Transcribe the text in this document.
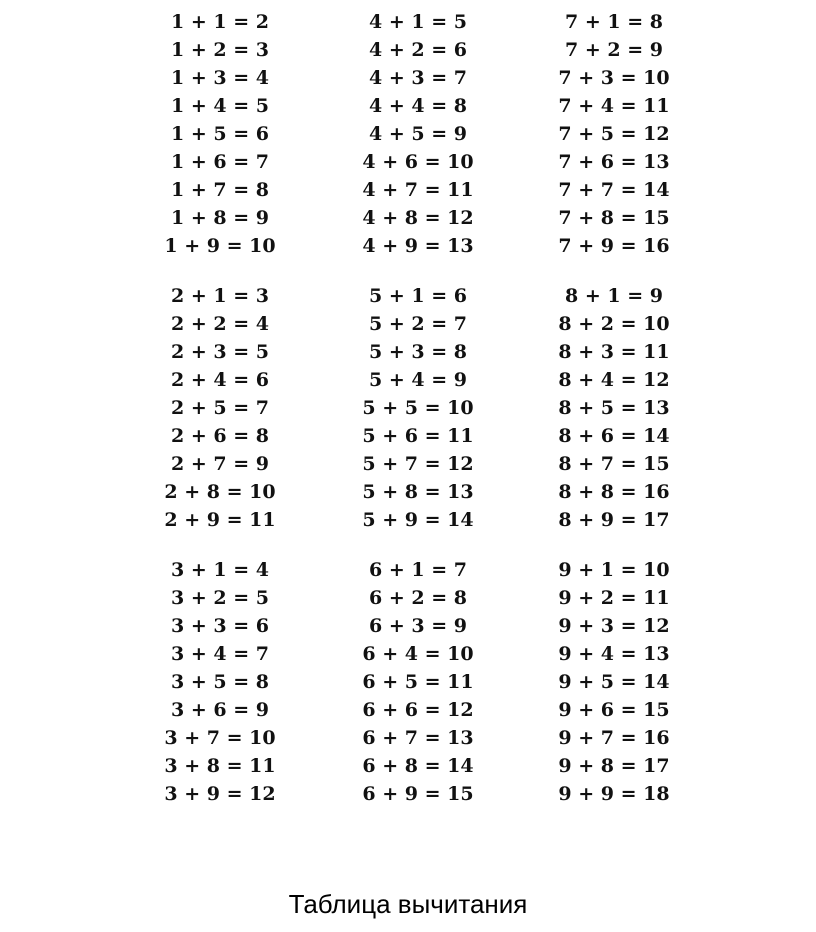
1 + 1 = 2
1 + 2 = 3
1 + 3 = 4
1 + 4 = 5
1 + 5 = 6
1 + 6 = 7
1 + 7 = 8
1 + 8 = 9
1 + 9 = 10
4 + 1 = 5
4 + 2 = 6
4 + 3 = 7
4 + 4 = 8
4 + 5 = 9
4 + 6 = 10
4 + 7 = 11
4 + 8 = 12
4 + 9 = 13
7 + 1 = 8
7 + 2 = 9
7 + 3 = 10
7 + 4 = 11
7 + 5 = 12
7 + 6 = 13
7 + 7 = 14
7 + 8 = 15
7 + 9 = 16
2 + 1 = 3
2 + 2 = 4
2 + 3 = 5
2 + 4 = 6
2 + 5 = 7
2 + 6 = 8
2 + 7 = 9
2 + 8 = 10
2 + 9 = 11
5 + 1 = 6
5 + 2 = 7
5 + 3 = 8
5 + 4 = 9
5 + 5 = 10
5 + 6 = 11
5 + 7 = 12
5 + 8 = 13
5 + 9 = 14
8 + 1 = 9
8 + 2 = 10
8 + 3 = 11
8 + 4 = 12
8 + 5 = 13
8 + 6 = 14
8 + 7 = 15
8 + 8 = 16
8 + 9 = 17
3 + 1 = 4
3 + 2 = 5
3 + 3 = 6
3 + 4 = 7
3 + 5 = 8
3 + 6 = 9
3 + 7 = 10
3 + 8 = 11
3 + 9 = 12
6 + 1 = 7
6 + 2 = 8
6 + 3 = 9
6 + 4 = 10
6 + 5 = 11
6 + 6 = 12
6 + 7 = 13
6 + 8 = 14
6 + 9 = 15
9 + 1 = 10
9 + 2 = 11
9 + 3 = 12
9 + 4 = 13
9 + 5 = 14
9 + 6 = 15
9 + 7 = 16
9 + 8 = 17
9 + 9 = 18
Таблица вычитания
